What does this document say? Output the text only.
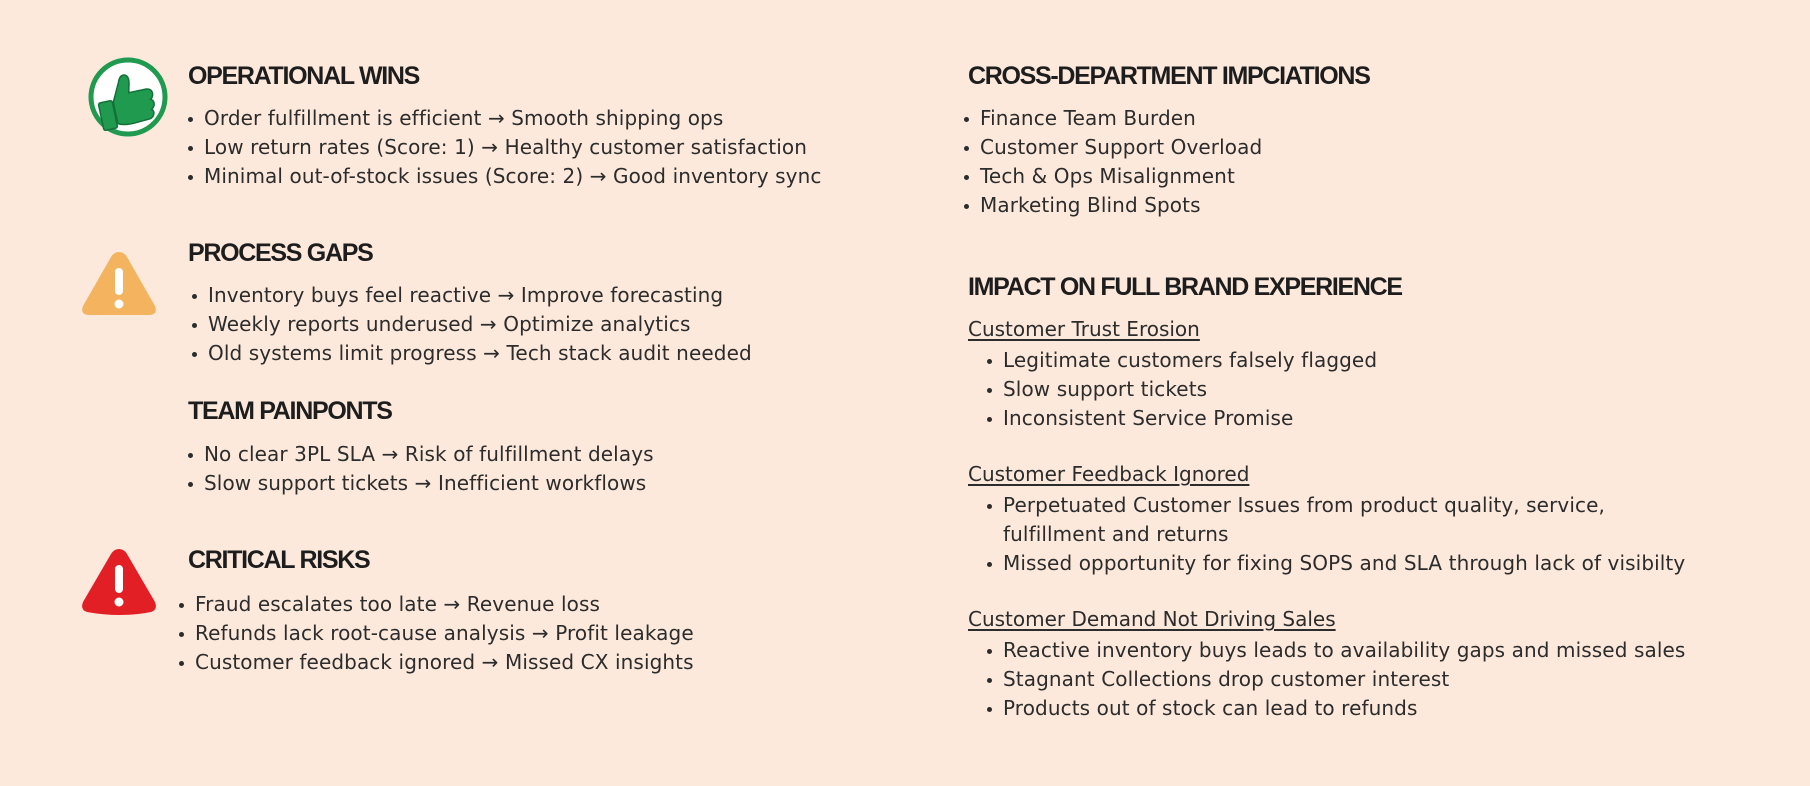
OPERATIONAL WINS
Order fulfillment is efficient → Smooth shipping ops
Low return rates (Score: 1) → Healthy customer satisfaction
Minimal out-of-stock issues (Score: 2) → Good inventory sync
PROCESS GAPS
Inventory buys feel reactive → Improve forecasting
Weekly reports underused → Optimize analytics
Old systems limit progress → Tech stack audit needed
TEAM PAINPONTS
No clear 3PL SLA → Risk of fulfillment delays
Slow support tickets → Inefficient workflows
CRITICAL RISKS
Fraud escalates too late → Revenue loss
Refunds lack root-cause analysis → Profit leakage
Customer feedback ignored → Missed CX insights
CROSS-DEPARTMENT IMPCIATIONS
Finance Team Burden
Customer Support Overload
Tech & Ops Misalignment
Marketing Blind Spots
IMPACT ON FULL BRAND EXPERIENCE

Customer Trust Erosion

Legitimate customers falsely flagged
Slow support tickets
Inconsistent Service Promise

Customer Feedback Ignored

Perpetuated Customer Issues from product quality, service, fulfillment and returns
Missed opportunity for fixing SOPS and SLA through lack of visibilty

Customer Demand Not Driving Sales

Reactive inventory buys leads to availability gaps and missed sales
Stagnant Collections drop customer interest
Products out of stock can lead to refunds
